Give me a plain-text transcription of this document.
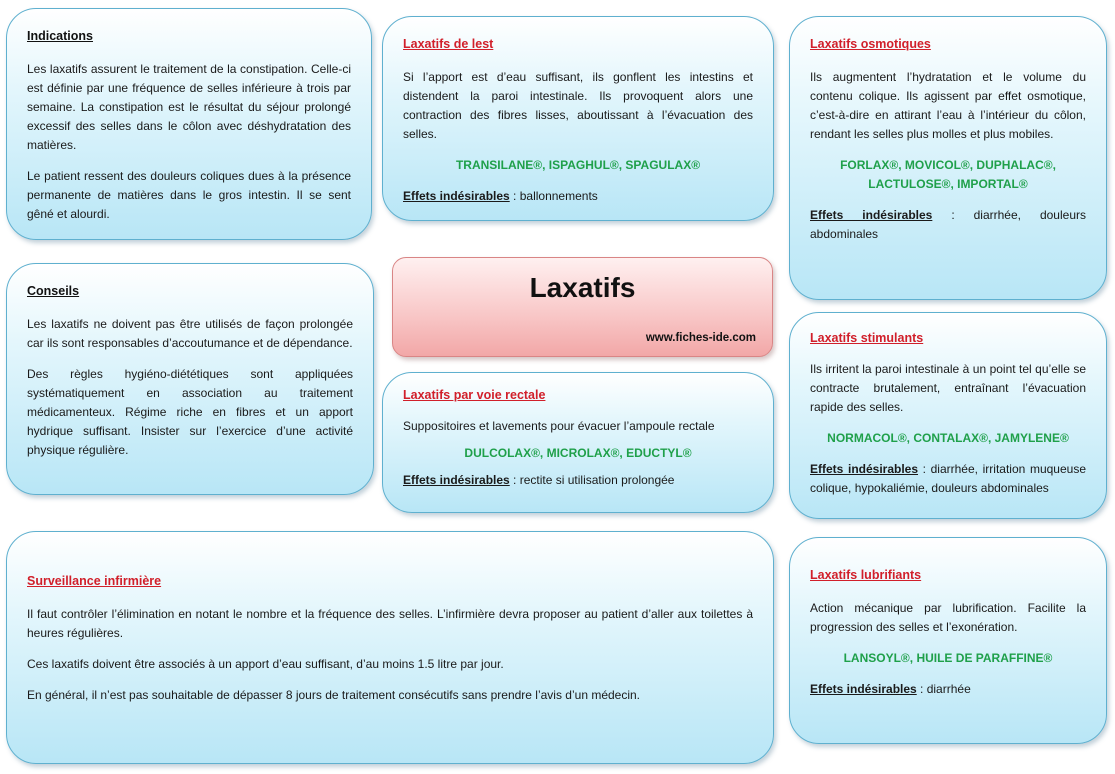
Indications

Les laxatifs assurent le traitement de la constipation. Celle-ci est définie par une fréquence de selles inférieure à trois par semaine. La constipation est le résultat du séjour prolongé excessif des selles dans le côlon avec déshydratation des matières.

Le patient ressent des douleurs coliques dues à la présence permanente de matières dans le gros intestin. Il se sent gêné et alourdi.

Conseils

Les laxatifs ne doivent pas être utilisés de façon prolongée car ils sont responsables d’accoutumance et de dépendance.

Des règles hygiéno-diététiques sont appliquées systématiquement en association au traitement médicamenteux. Régime riche en fibres et un apport hydrique suffisant. Insister sur l’exercice d’une activité physique régulière.

Laxatifs de lest

Si l’apport est d’eau suffisant, ils gonflent les intestins et distendent la paroi intestinale. Ils provoquent alors une contraction des fibres lisses, aboutissant à l’évacuation des selles.

TRANSILANE®, ISPAGHUL®, SPAGULAX®

Effets indésirables : ballonnements

Laxatifs
www.fiches-ide.com
Laxatifs par voie rectale

Suppositoires et lavements pour évacuer l’ampoule rectale

DULCOLAX®, MICROLAX®, EDUCTYL®

Effets indésirables : rectite si utilisation prolongée

Laxatifs osmotiques

Ils augmentent l’hydratation et le volume du contenu colique. Ils agissent par effet osmotique, c’est-à-dire en attirant l’eau à l’intérieur du côlon, rendant les selles plus molles et plus mobiles.

FORLAX®, MOVICOL®, DUPHALAC®, LACTULOSE®, IMPORTAL®

Effets indésirables : diarrhée, douleurs abdominales

Laxatifs stimulants

Ils irritent la paroi intestinale à un point tel qu’elle se contracte brutalement, entraînant l’évacuation rapide des selles.

NORMACOL®, CONTALAX®, JAMYLENE®

Effets indésirables : diarrhée, irritation muqueuse colique, hypokaliémie, douleurs abdominales

Surveillance infirmière

Il faut contrôler l’élimination en notant le nombre et la fréquence des selles. L’infirmière devra proposer au patient d’aller aux toilettes à heures régulières.

Ces laxatifs doivent être associés à un apport d’eau suffisant, d’au moins 1.5 litre par jour.

En général, il n’est pas souhaitable de dépasser 8 jours de traitement consécutifs sans prendre l’avis d’un médecin.

Laxatifs lubrifiants

Action mécanique par lubrification. Facilite la progression des selles et l’exonération.

LANSOYL®, HUILE DE PARAFFINE®

Effets indésirables : diarrhée
